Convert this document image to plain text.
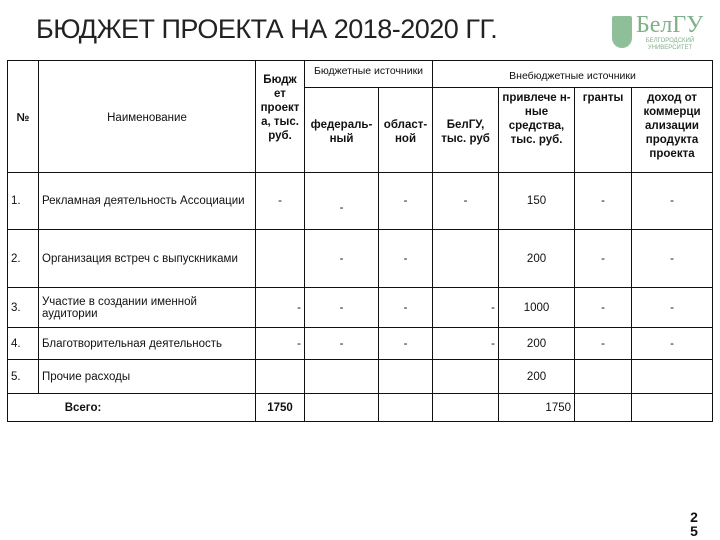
БЮДЖЕТ ПРОЕКТА НА 2018-2020 ГГ.	БелГУ
БЕЛГОРОДСКИЙ УНИВЕРСИТЕТ
№	Наименование	Бюдж ет проект а, тыс. руб.	Бюджетные источники		Внебюджетные источники			
			федераль-ный	област-ной	БелГУ, тыс. руб	привлече н-ные средства, тыс. руб.	гранты	доход от коммерци ализации продукта проекта
1.	Рекламная деятельность Ассоциации	-	-	-	-	150	-	-
2.	Организация встреч с выпускниками		-	-		200	-	-
3.	Участие в создании именной аудитории	-	-	-	-	1000	-	-
4.	Благотворительная деятельность	-	-	-	-	200	-	-
5.	Прочие расходы					200		
Всего:		1750				1750		
2 5
